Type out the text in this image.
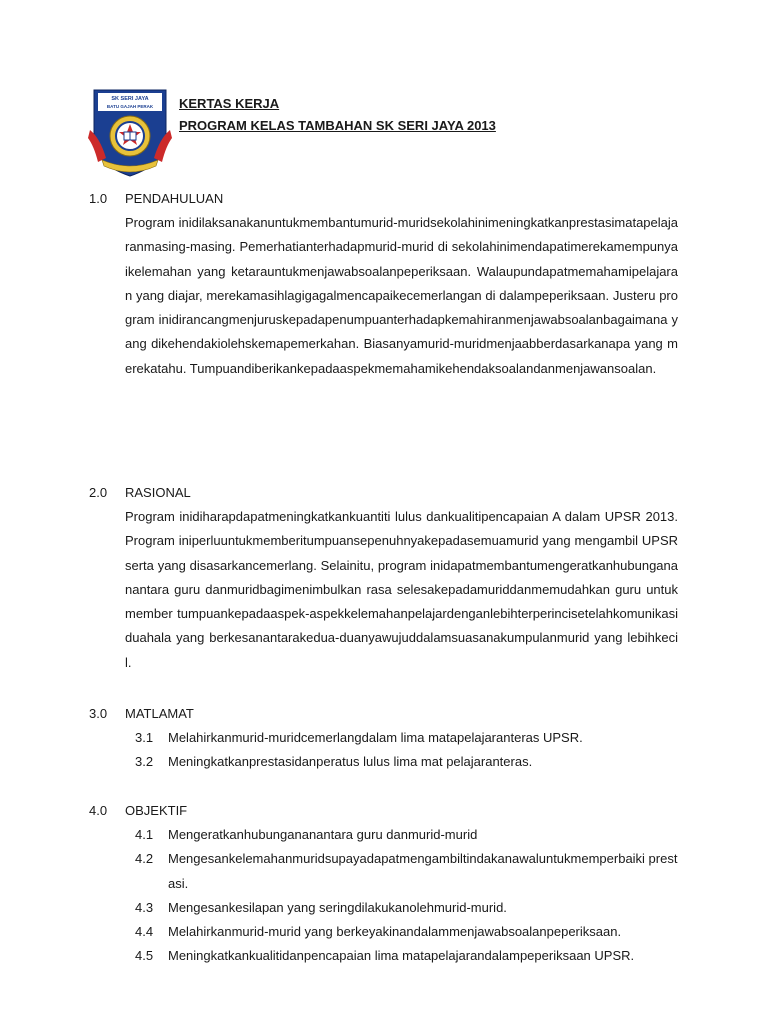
SK SERI JAYA
BATU GAJAH PERAK KERTAS KERJA

PROGRAM KELAS TAMBAHAN SK SERI JAYA 2013

1.0 PENDAHULUAN

Program inidilaksanakanuntukmembantumurid-muridsekolahinimeningkatkanprestasimatapelajaranmasing-masing. Pemerhatianterhadapmurid-murid di sekolahinimendapatimerekamempunyaikelemahan yang ketarauntukmenjawabsoalanpeperiksaan. Walaupundapatmemahamipelajaran yang diajar, merekamasihlagigagalmencapaikecemerlangan di dalampeperiksaan. Justeru program inidirancangmenjuruskepadapenumpuanterhadapkemahiranmenjawabsoalanbagaimana yang dikehendakiolehskemapemerkahan. Biasanyamurid-muridmenjaabberdasarkanapa yang merekatahu. Tumpuandiberikankepadaaspekmemahamikehendaksoalandanmenjawansoalan.

2.0 RASIONAL

Program inidiharapdapatmeningkatkankuantiti lulus dankualitipencapaian A dalam UPSR 2013. Program iniperluuntukmemberitumpuansepenuhnyakepadasemuamurid yang mengambil UPSR serta yang disasarkancemerlang. Selainitu, program inidapatmembantumengeratkanhubungananantara guru danmuridbagimenimbulkan rasa selesakepadamuriddanmemudahkan guru untuk member tumpuankepadaaspek-aspekkelemahanpelajardenganlebihterperincisetelahkomunikasiduahala yang berkesanantarakedua-duanyawujuddalamsuasanakumpulanmurid yang lebihkecil.

3.0 MATLAMAT
3.1 Melahirkanmurid-muridcemerlangdalam lima matapelajaranteras UPSR.
3.2 Meningkatkanprestasidanperatus lulus lima mat pelajaranteras.
4.0 OBJEKTIF
4.1 Mengeratkanhubungananantara guru danmurid-murid
4.2 Mengesankelemahanmuridsupayadapatmengambiltindakanawaluntukmemperbaiki prestasi.
4.3 Mengesankesilapan yang seringdilakukanolehmurid-murid.
4.4 Melahirkanmurid-murid yang berkeyakinandalammenjawabsoalanpeperiksaan.
4.5 Meningkatkankualitidanpencapaian lima matapelajarandalampeperiksaan UPSR.
